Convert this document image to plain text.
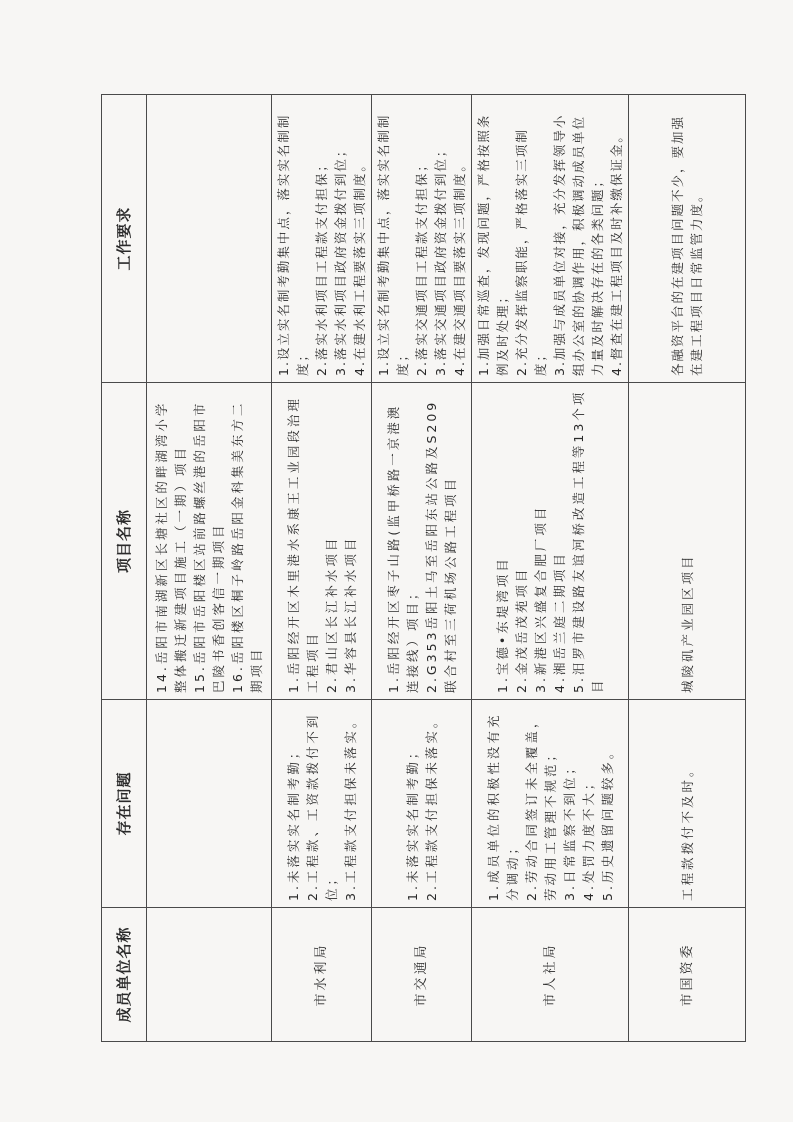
成员单位名称	存在问题	项目名称	工作要求

		14.岳阳市南湖新区长塘社区的畔湖湾小学整体搬迁新建项目施工（一期）项目 15.岳阳市岳阳楼区站前路螺丝港的岳阳市巴陵书香创客信一期项目 16.岳阳楼区桐子岭路岳阳金科集美东方二期项目	

市水利局	1.未落实实名制考勤； 2.工程款、工资款拨付不到位； 3.工程款支付担保未落实。	1.岳阳经开区木里港水系康王工业园段治理工程项目 2.君山区长江补水项目 3.华容县长江补水项目	1.设立实名制考勤集中点，落实实名制制度； 2.落实水利项目工程款支付担保； 3.落实水利项目政府资金拨付到位； 4.在建水利工程要落实三项制度。

市交通局	1.未落实实名制考勤； 2.工程款支付担保未落实。	1.岳阳经开区枣子山路(监甲桥路一京港澳连接线）项目； 2.G353岳阳土马至岳阳东站公路及S209联合村至三荷机场公路工程项目	1.设立实名制考勤集中点，落实实名制制度； 2.落实交通项目工程款支付担保； 3.落实交通项目政府资金拨付到位； 4.在建交通项目要落实三项制度。

市人社局	1.成员单位的积极性没有充分调动； 2.劳动合同签订未全覆盖，劳动用工管理不规范； 3.日常监察不到位； 4.处罚力度不大； 5.历史遗留问题较多。	1.宝德•东堤湾项目 2.金茂岳茂苑项目 3.新港区兴盛复合肥厂项目 4.湘岳兰庭二期项目 5.汨罗市建设路友谊河桥改造工程等13个项目	1.加强日常巡查，发现问题，严格按照条例及时处理； 2.充分发挥监察职能，严格落实三项制度； 3.加强与成员单位对接，充分发挥领导小组办公室的协调作用，积极调动成员单位力量及时解决存在的各类问题； 4.督查在建工程项目及时补缴保证金。

市国资委	工程款拨付不及时。	城陵矶产业园区项目	各融资平台的在建项目问题不少，要加强在建工程项目日常监管力度。
